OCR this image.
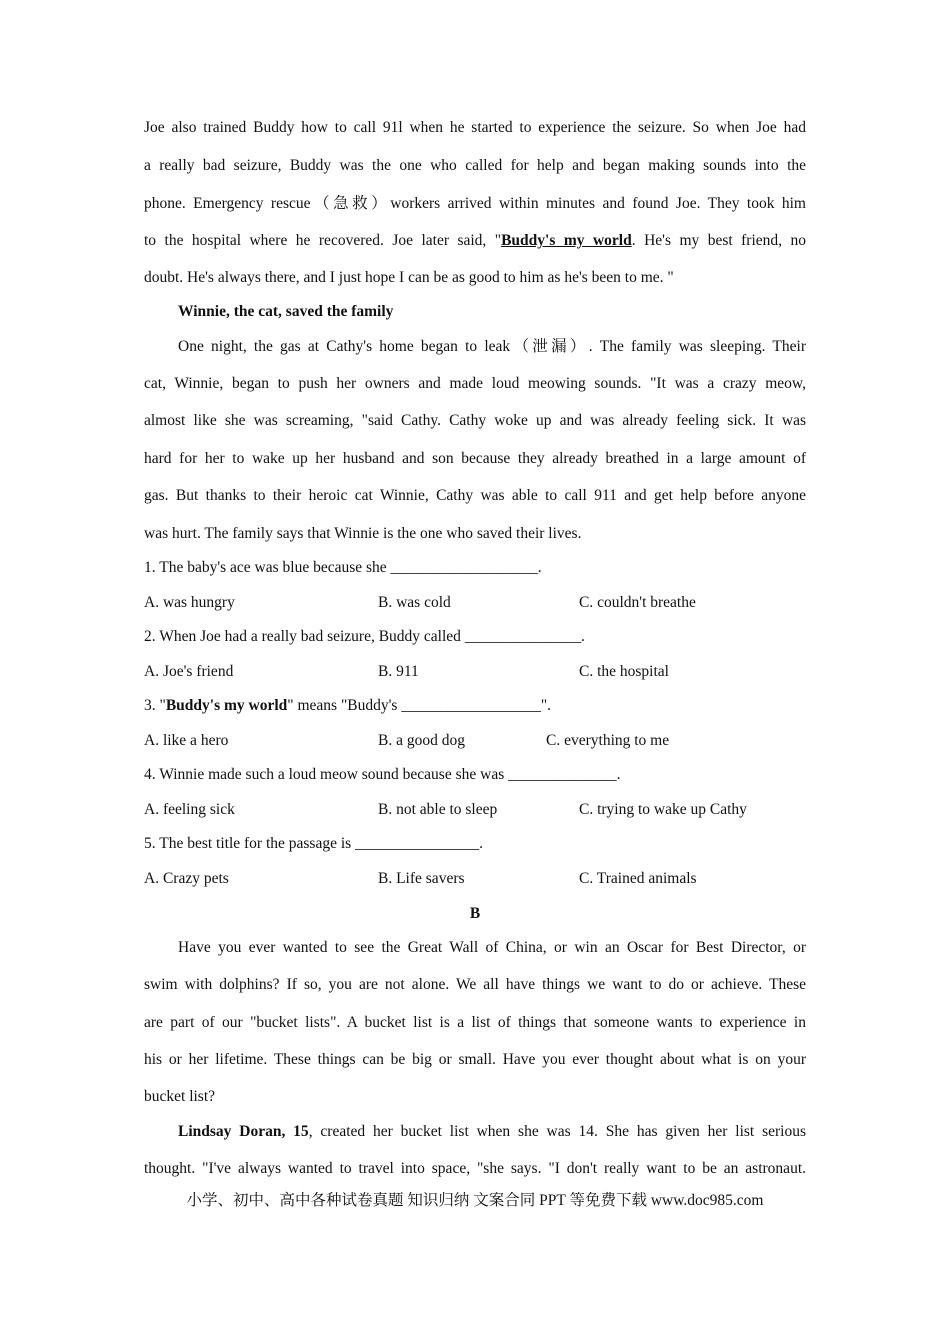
Joe also trained Buddy how to call 91l when he started to experience the seizure. So when Joe had
a really bad seizure, Buddy was the one who called for help and began making sounds into the
phone. Emergency rescue（急救）workers arrived within minutes and found Joe. They took him
to the hospital where he recovered. Joe later said, "Buddy's my world. He's my best friend, no
doubt. He's always there, and I just hope I can be as good to him as he's been to me. "
Winnie, the cat, saved the family
One night, the gas at Cathy's home began to leak（泄漏）. The family was sleeping. Their
cat, Winnie, began to push her owners and made loud meowing sounds. "It was a crazy meow,
almost like she was screaming, "said Cathy. Cathy woke up and was already feeling sick. It was
hard for her to wake up her husband and son because they already breathed in a large amount of
gas. But thanks to their heroic cat Winnie, Cathy was able to call 911 and get help before anyone
was hurt. The family says that Winnie is the one who saved their lives.
1. The baby's ace was blue because she ___________________.
A. was hungry	B. was cold	C. couldn't breathe
2. When Joe had a really bad seizure, Buddy called _______________.
A. Joe's friend	B. 911	C. the hospital
3. "Buddy's my world" means "Buddy's __________________".
A. like a hero	B. a good dog	C. everything to me
4. Winnie made such a loud meow sound because she was ______________.
A. feeling sick	B. not able to sleep	C. trying to wake up Cathy
5. The best title for the passage is ________________.
A. Crazy pets	B. Life savers	C. Trained animals
B
Have you ever wanted to see the Great Wall of China, or win an Oscar for Best Director, or
swim with dolphins? If so, you are not alone. We all have things we want to do or achieve. These
are part of our "bucket lists". A bucket list is a list of things that someone wants to experience in
his or her lifetime. These things can be big or small. Have you ever thought about what is on your
bucket list?
Lindsay Doran, 15, created her bucket list when she was 14. She has given her list serious
thought. "I've always wanted to travel into space, "she says. "I don't really want to be an astronaut.
小学、初中、高中各种试卷真题 知识归纳 文案合同 PPT 等免费下载 www.doc985.com
